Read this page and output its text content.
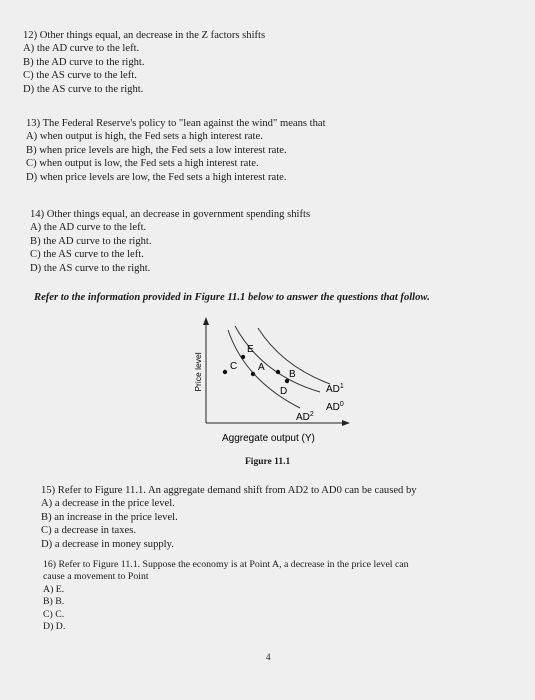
12) Other things equal, an decrease in the Z factors shifts
A) the AD curve to the left.
B) the AD curve to the right.
C) the AS curve to the left.
D) the AS curve to the right.
13) The Federal Reserve's policy to "lean against the wind" means that
A) when output is high, the Fed sets a high interest rate.
B) when price levels are high, the Fed sets a low interest rate.
C) when output is low, the Fed sets a high interest rate.
D) when price levels are low, the Fed sets a high interest rate.
14) Other things equal, an decrease in government spending shifts
A) the AD curve to the left.
B) the AD curve to the right.
C) the AS curve to the left.
D) the AS curve to the right.
Refer to the information provided in Figure 11.1 below to answer the questions that follow.
E
C A
B
D	$AD^1$
$AD^0$
$AD^2$
Price level
Aggregate output (Y)
Figure 11.1
15) Refer to Figure 11.1. An aggregate demand shift from AD2 to AD0 can be caused by
A) a decrease in the price level.
B) an increase in the price level.
C) a decrease in taxes.
D) a decrease in money supply.
16) Refer to Figure 11.1. Suppose the economy is at Point A, a decrease in the price level can
cause a movement to Point
A) E.
B) B.
C) C.
D) D.
4
